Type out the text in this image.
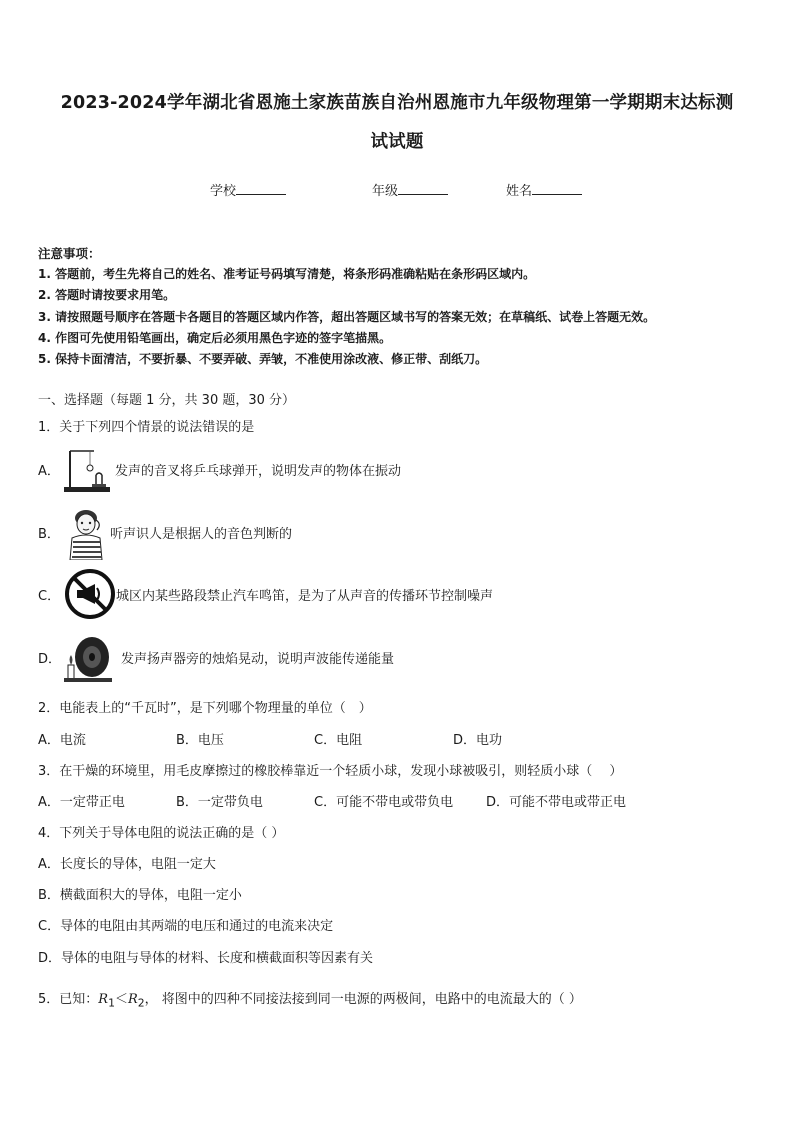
2023-2024学年湖北省恩施土家族苗族自治州恩施市九年级物理第一学期期末达标测
试试题
学校	年级	姓名
注意事项：
1. 答题前，考生先将自己的姓名、准考证号码填写清楚，将条形码准确粘贴在条形码区域内。
2. 答题时请按要求用笔。
3. 请按照题号顺序在答题卡各题目的答题区域内作答，超出答题区域书写的答案无效；在草稿纸、试卷上答题无效。
4. 作图可先使用铅笔画出，确定后必须用黑色字迹的签字笔描黑。
5. 保持卡面清洁，不要折暴、不要弄破、弄皱，不准使用涂改液、修正带、刮纸刀。
一、选择题（每题 1 分，共 30 题，30 分）
1．关于下列四个情景的说法错误的是
A．	发声的音叉将乒乓球弹开，说明发声的物体在振动
B．	听声识人是根据人的音色判断的
C．	城区内某些路段禁止汽车鸣笛，是为了从声音的传播环节控制噪声
D．	发声扬声器旁的烛焰晃动，说明声波能传递能量
2．电能表上的“千瓦时”，是下列哪个物理量的单位（　）
A．电流	B．电压	C．电阻	D．电功
3．在干燥的环境里，用毛皮摩擦过的橡胶棒靠近一个轻质小球，发现小球被吸引，则轻质小球（　 ）
A．一定带正电	B．一定带负电	C．可能不带电或带负电	D．可能不带电或带正电
4．下列关于导体电阻的说法正确的是（ ）
A．长度长的导体，电阻一定大
B．横截面积大的导体，电阻一定小
C．导体的电阻由其两端的电压和通过的电流来决定
D．导体的电阻与导体的材料、长度和横截面积等因素有关
5．已知：$R_1<R_2$， 将图中的四种不同接法接到同一电源的两极间，电路中的电流最大的（ ）
